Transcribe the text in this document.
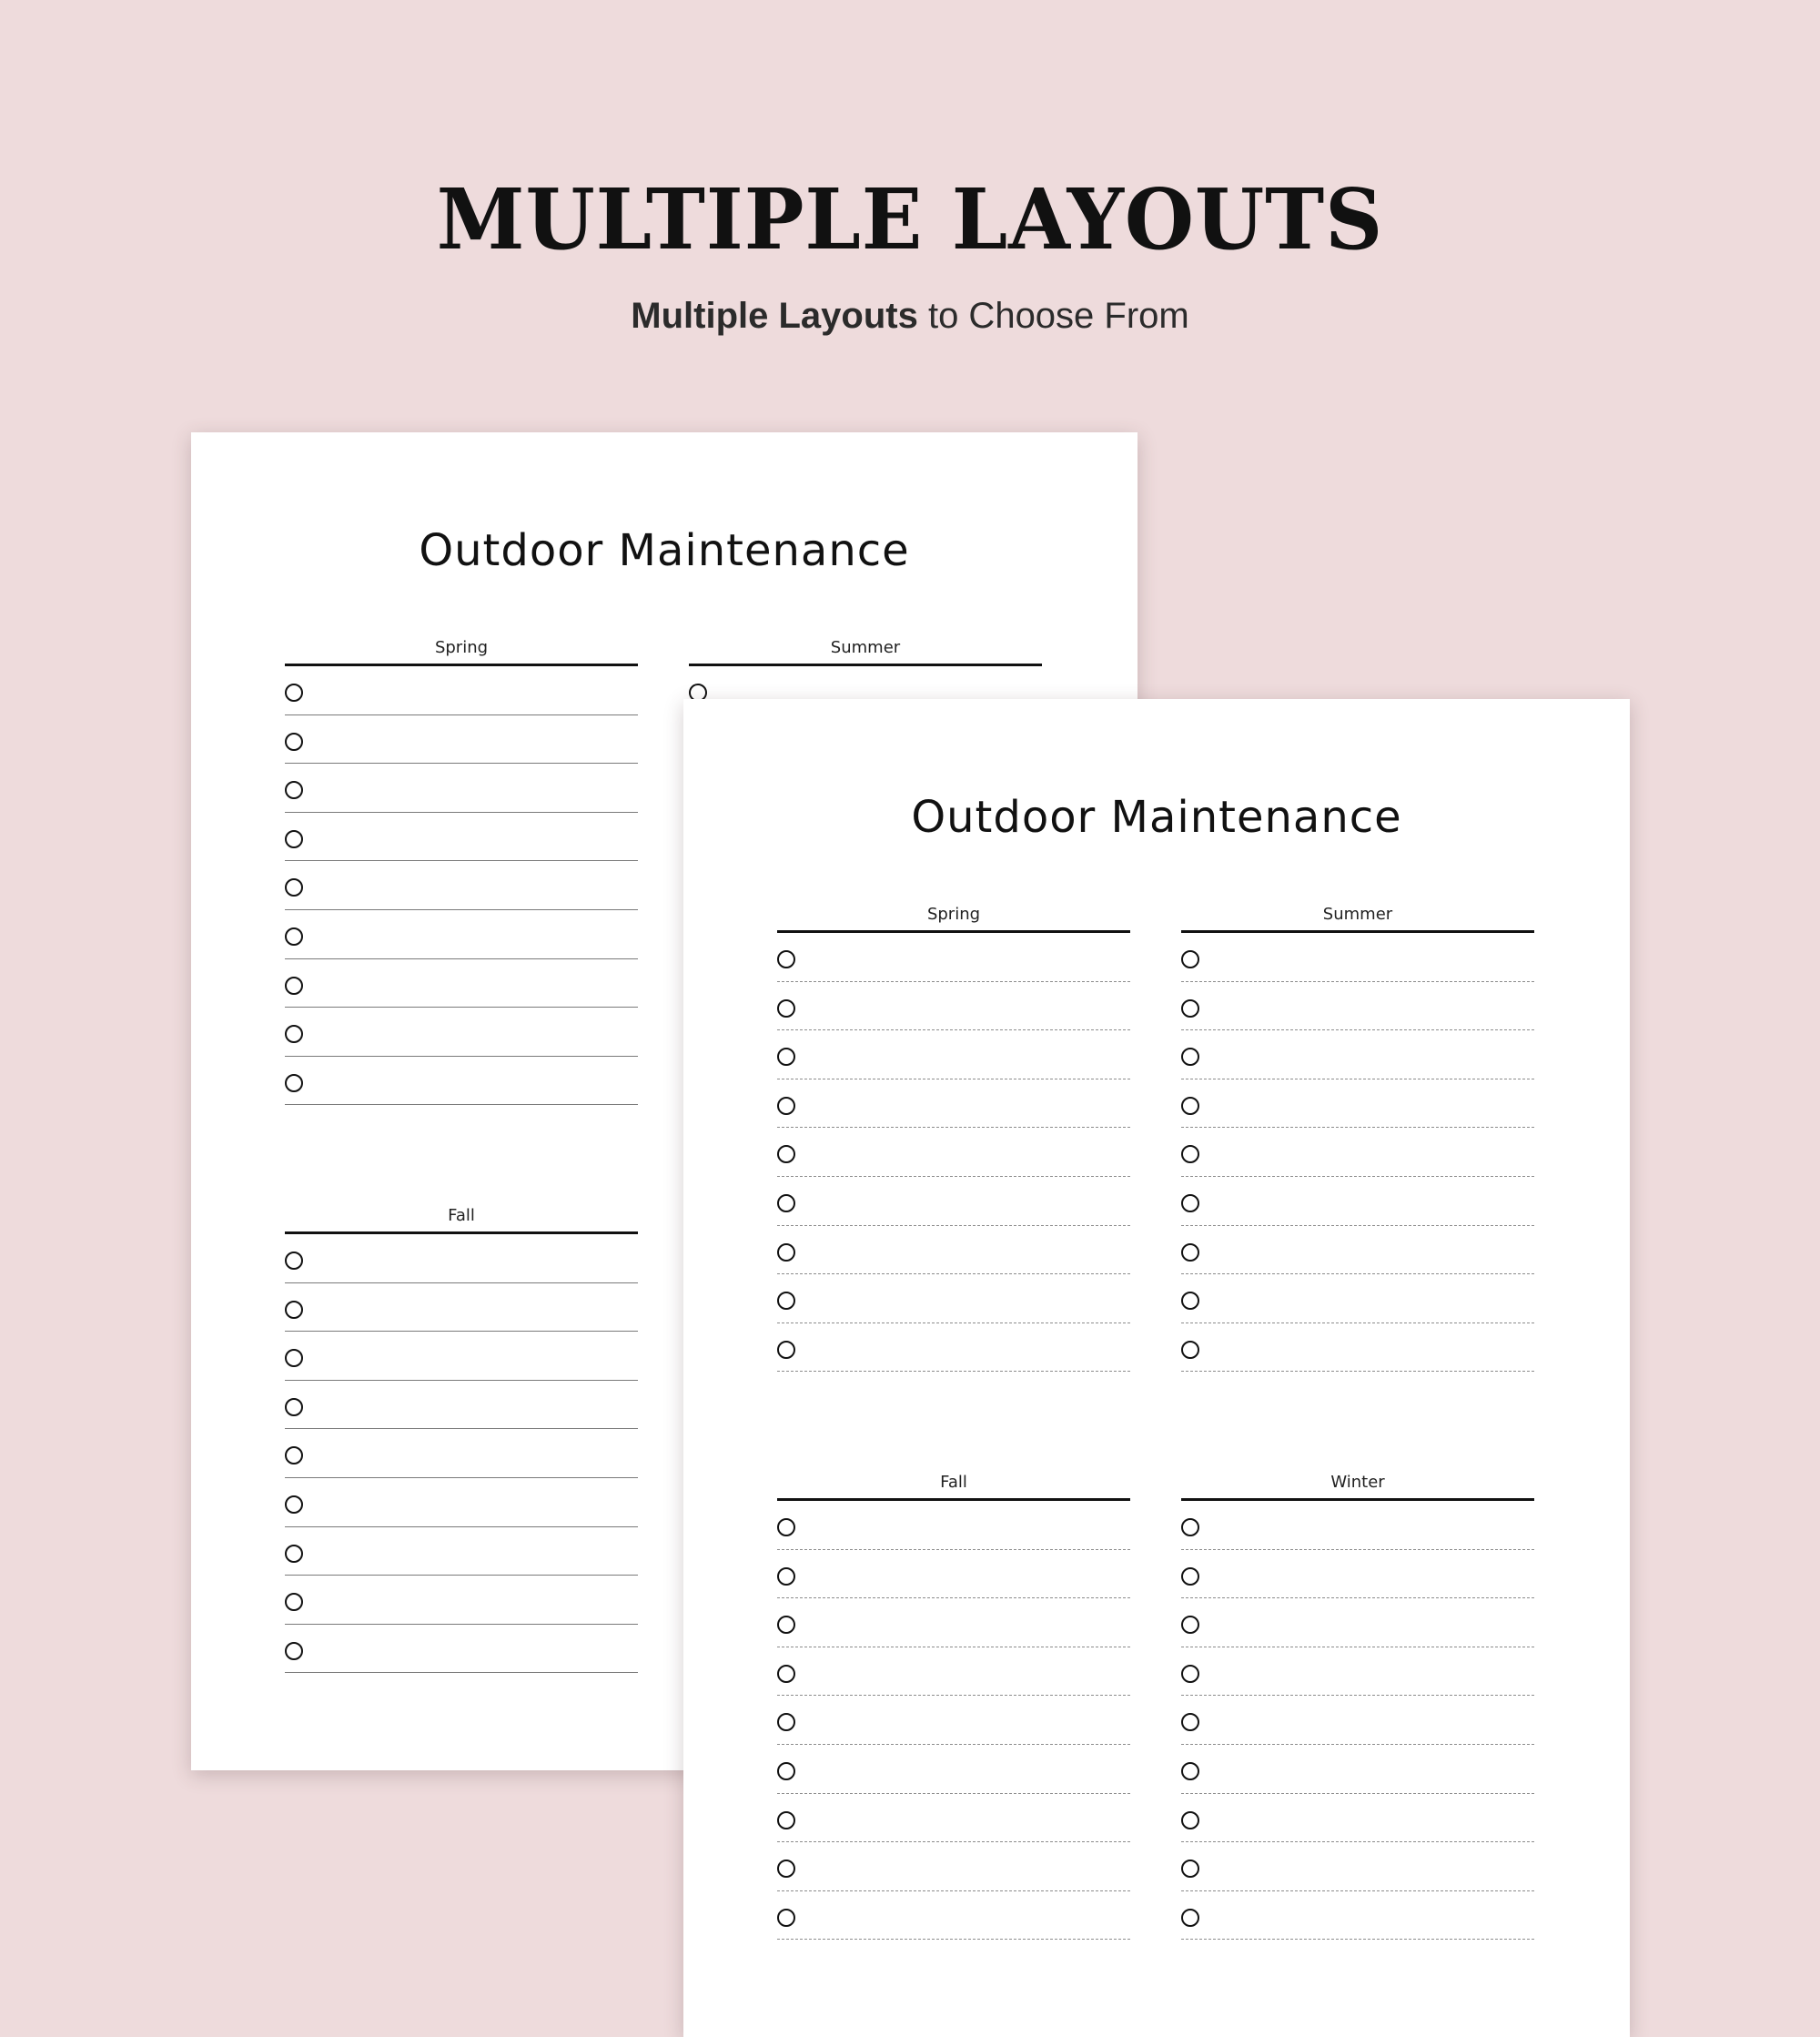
MULTIPLE LAYOUTS
Multiple Layouts to Choose From
Outdoor Maintenance
Spring	Summer
Fall
Outdoor Maintenance
Spring	Summer
Fall	Winter
